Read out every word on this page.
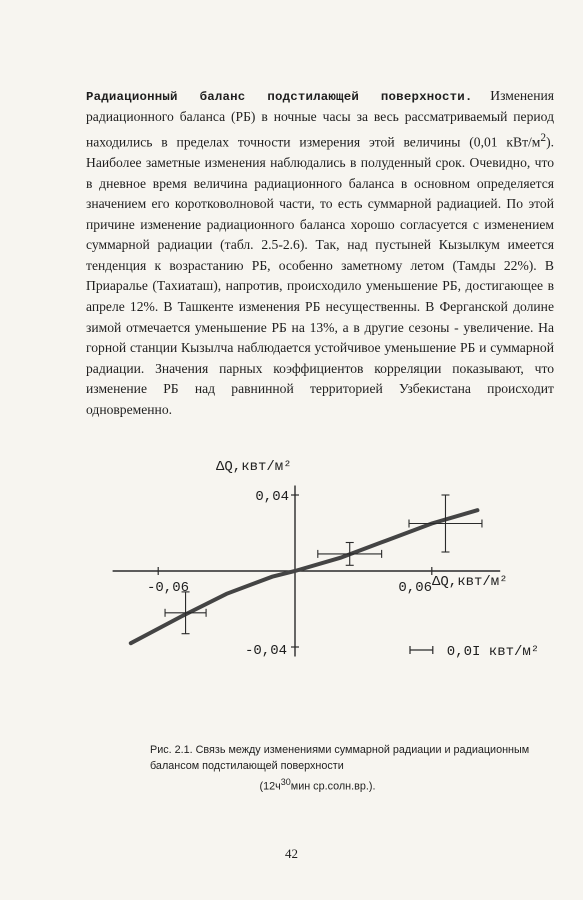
Радиационный баланс подстилающей поверхности. Изменения радиационного баланса (РБ) в ночные часы за весь рассматриваемый период находились в пределах точности измерения этой величины (0,01 кВт/$м^2$). Наиболее заметные изменения наблюдались в полуденный срок. Очевидно, что в дневное время величина радиационного баланса в основном определяется значением его коротковолновой части, то есть суммарной радиацией. По этой причине изменение радиационного баланса хорошо согласуется с изменением суммарной радиации (табл. 2.5-2.6). Так, над пустыней Кызылкум имеется тенденция к возрастанию РБ, особенно заметному летом (Тамды 22%). В Приаралье (Тахиаташ), напротив, происходило уменьшение РБ, достигающее в апреле 12%. В Ташкенте изменения РБ несущественны. В Ферганской долине зимой отмечается уменьшение РБ на 13%, а в другие сезоны - увеличение. На горной станции Кызылча наблюдается устойчивое уменьшение РБ и суммарной радиации. Значения парных коэффициентов корреляции показывают, что изменение РБ над равнинной территорией Узбекистана происходит одновременно.

ΔQ,квт/м²
ΔQ,квт/м²
0,04
-0,04
-0,06	0,06
0,0I квт/м²
Рис. 2.1. Связь между изменениями суммарной радиации и радиационным балансом подстилающей поверхности
($12ч^{30}мин$ ср.солн.вр.).
42
